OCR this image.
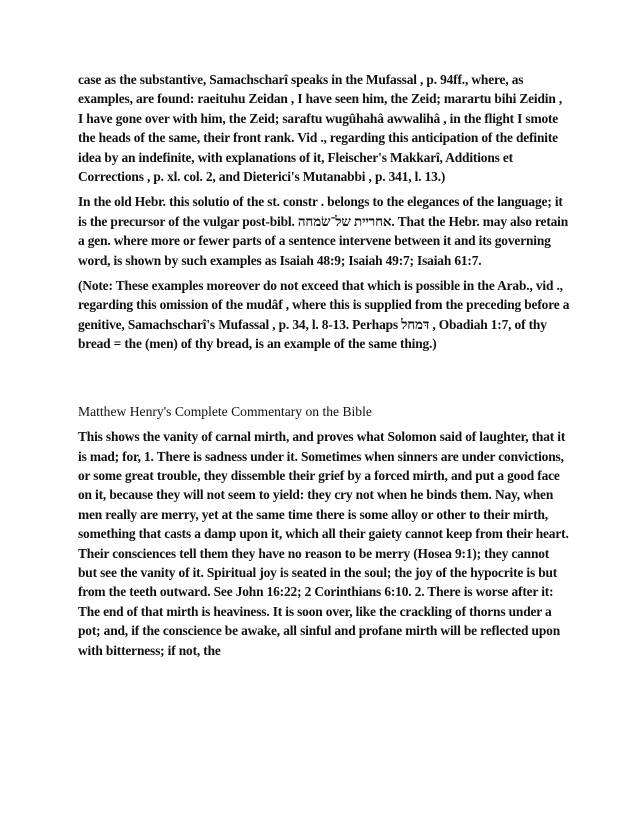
case as the substantive, Samachscharî speaks in the Mufassal , p. 94ff., where, as examples, are found: raeituhu Zeidan , I have seen him, the Zeid; marartu bihi Zeidin , I have gone over with him, the Zeid; saraftu wugûhahâ awwalihâ , in the flight I smote the heads of the same, their front rank. Vid ., regarding this anticipation of the definite idea by an indefinite, with explanations of it, Fleischer's Makkarî, Additions et Corrections , p. xl. col. 2, and Dieterici's Mutanabbi , p. 341, l. 13.)

In the old Hebr. this solutio of the st. constr . belongs to the elegances of the language; it is the precursor of the vulgar post-bibl. אחריית של־שׂמחה. That the Hebr. may also retain a gen. where more or fewer parts of a sentence intervene between it and its governing word, is shown by such examples as Isaiah 48:9; Isaiah 49:7; Isaiah 61:7.

(Note: These examples moreover do not exceed that which is possible in the Arab., vid ., regarding this omission of the mudâf , where this is supplied from the preceding before a genitive, Samachscharî's Mufassal , p. 34, l. 8-13. Perhaps דּמחל , Obadiah 1:7, of thy bread = the (men) of thy bread, is an example of the same thing.)

Matthew Henry's Complete Commentary on the Bible

This shows the vanity of carnal mirth, and proves what Solomon said of laughter, that it is mad; for, 1. There is sadness under it. Sometimes when sinners are under convictions, or some great trouble, they dissemble their grief by a forced mirth, and put a good face on it, because they will not seem to yield: they cry not when he binds them. Nay, when men really are merry, yet at the same time there is some alloy or other to their mirth, something that casts a damp upon it, which all their gaiety cannot keep from their heart. Their consciences tell them they have no reason to be merry (Hosea 9:1); they cannot but see the vanity of it. Spiritual joy is seated in the soul; the joy of the hypocrite is but from the teeth outward. See John 16:22; 2 Corinthians 6:10. 2. There is worse after it: The end of that mirth is heaviness. It is soon over, like the crackling of thorns under a pot; and, if the conscience be awake, all sinful and profane mirth will be reflected upon with bitterness; if not, the
